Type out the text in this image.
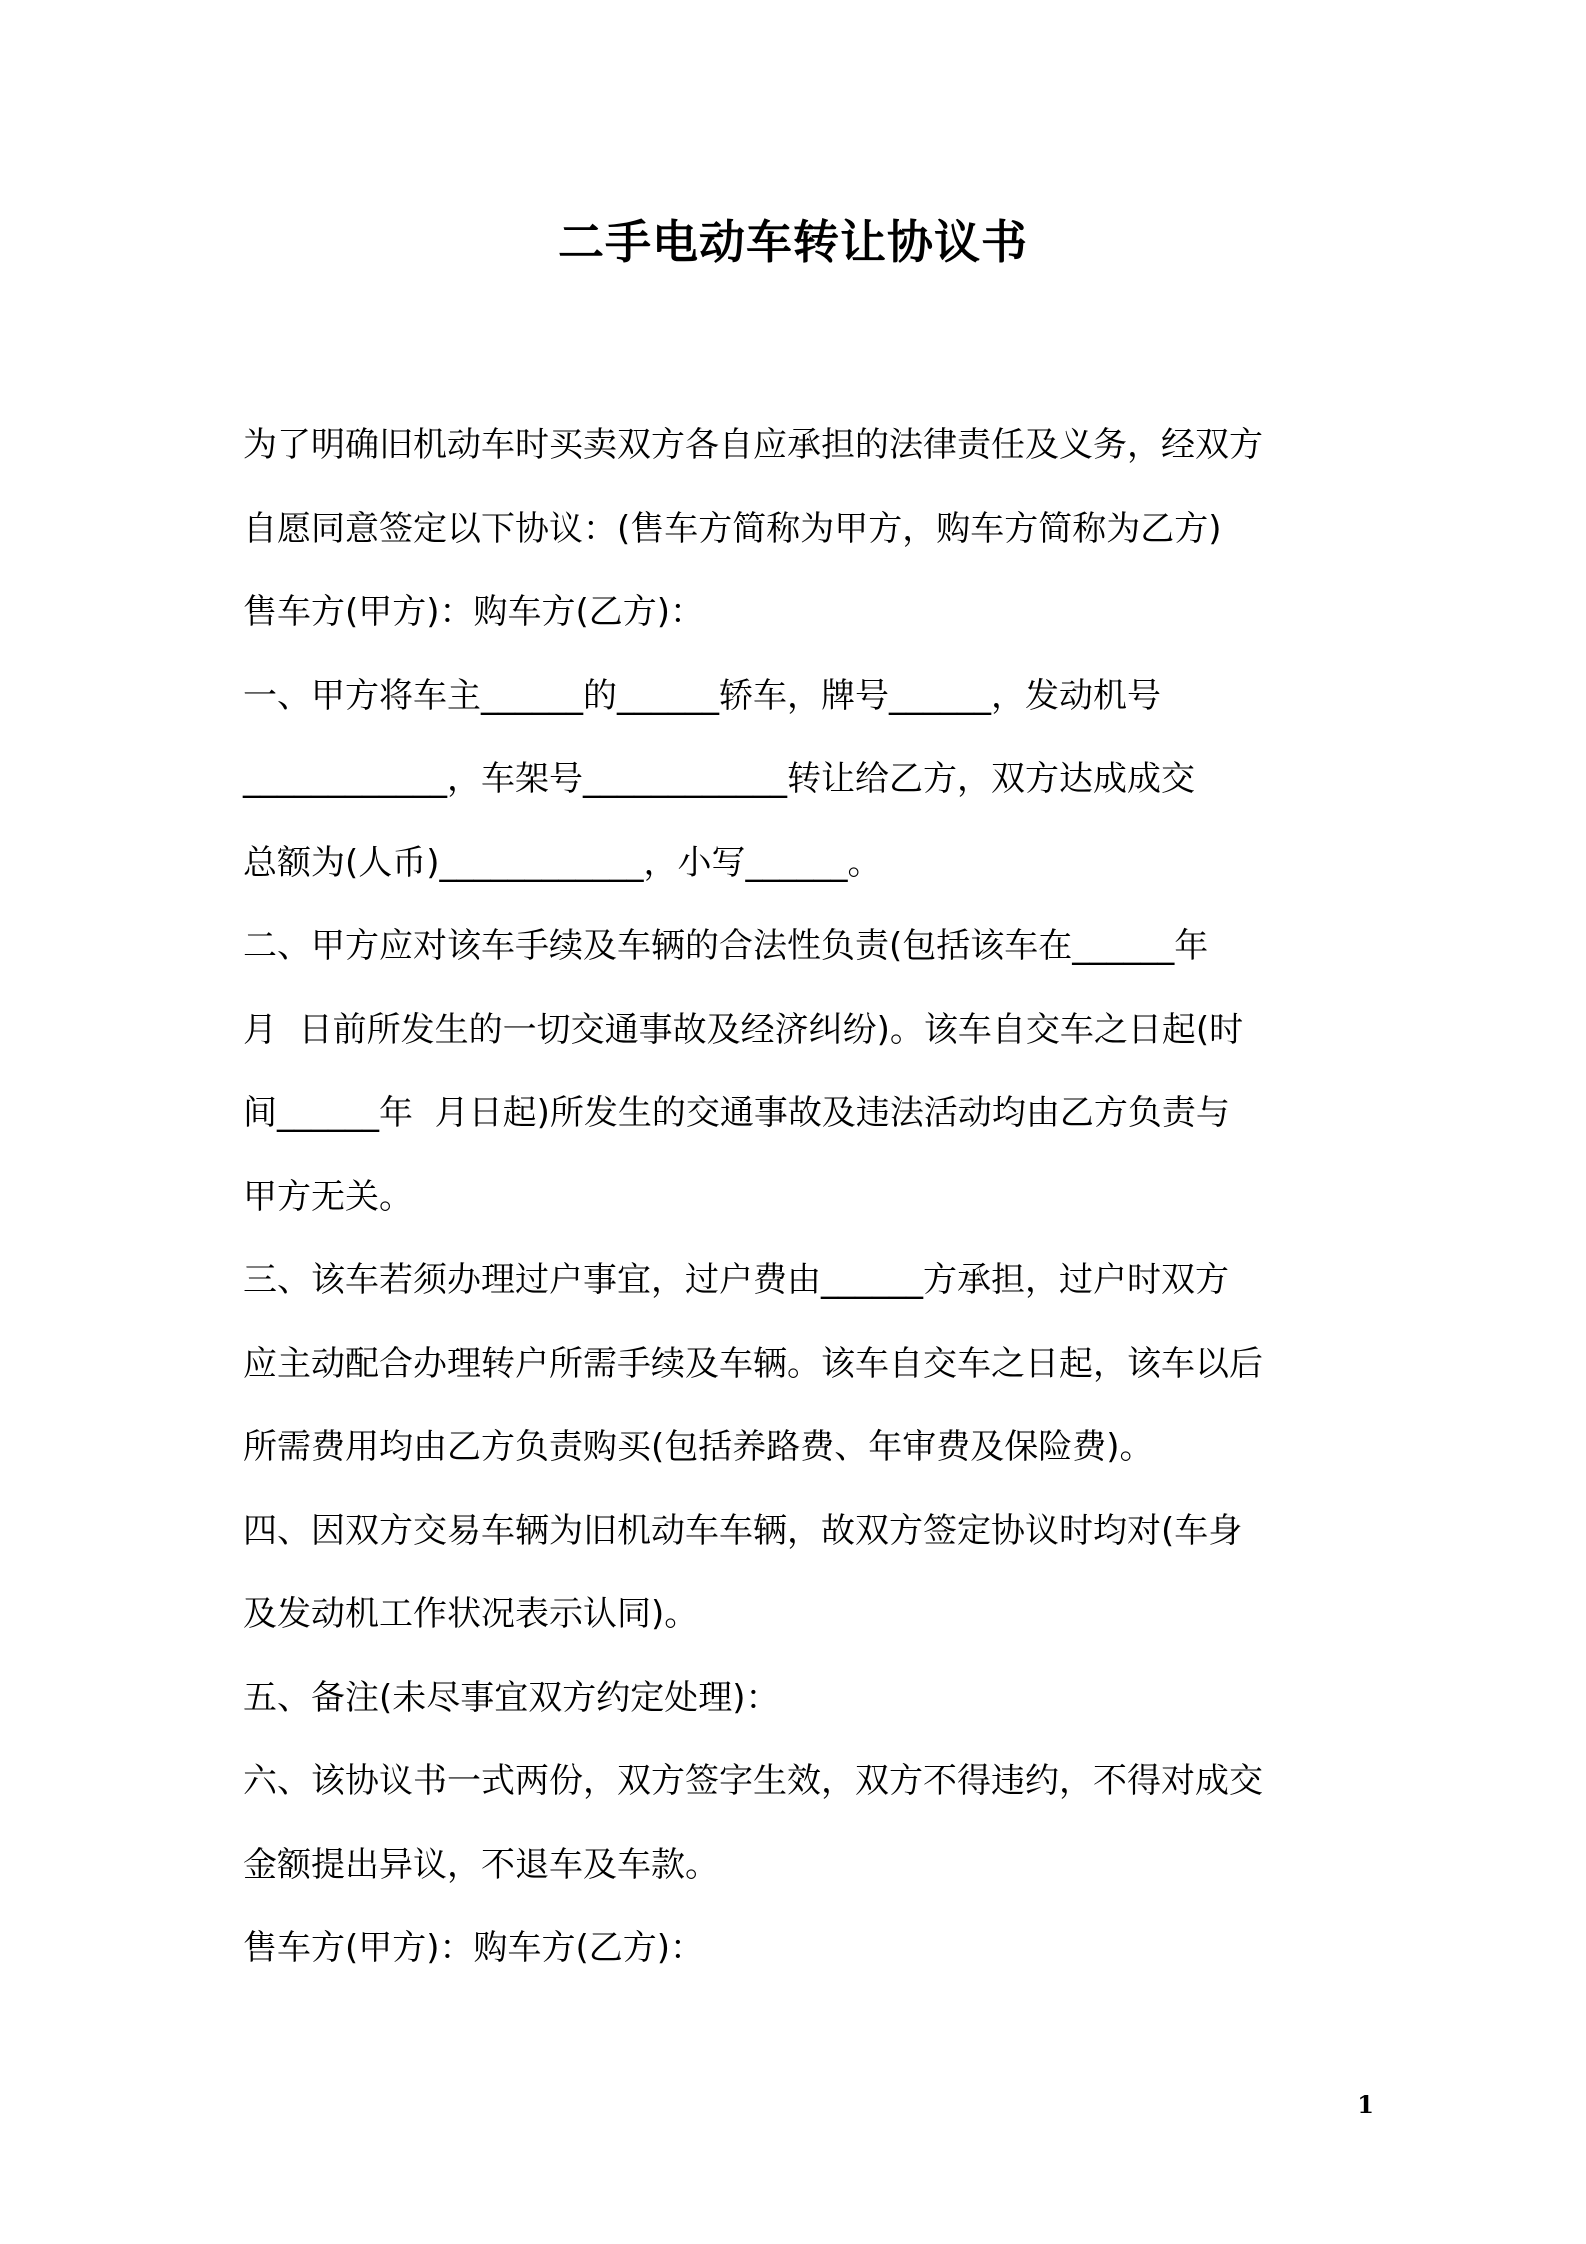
二手电动车转让协议书
为了明确旧机动车时买卖双方各自应承担的法律责任及义务，经双方
自愿同意签定以下协议：(售车方简称为甲方，购车方简称为乙方)
售车方(甲方)：购车方(乙方)：
一、甲方将车主______的______轿车，牌号______，发动机号
____________，车架号____________转让给乙方，双方达成成交
总额为(人币)____________，小写______。
二、甲方应对该车手续及车辆的合法性负责(包括该车在______年
月  日前所发生的一切交通事故及经济纠纷)。该车自交车之日起(时
间______年  月日起)所发生的交通事故及违法活动均由乙方负责与
甲方无关。
三、该车若须办理过户事宜，过户费由______方承担，过户时双方
应主动配合办理转户所需手续及车辆。该车自交车之日起，该车以后
所需费用均由乙方负责购买(包括养路费、年审费及保险费)。
四、因双方交易车辆为旧机动车车辆，故双方签定协议时均对(车身
及发动机工作状况表示认同)。
五、备注(未尽事宜双方约定处理)：
六、该协议书一式两份，双方签字生效，双方不得违约，不得对成交
金额提出异议，不退车及车款。
售车方(甲方)：购车方(乙方)：
1
